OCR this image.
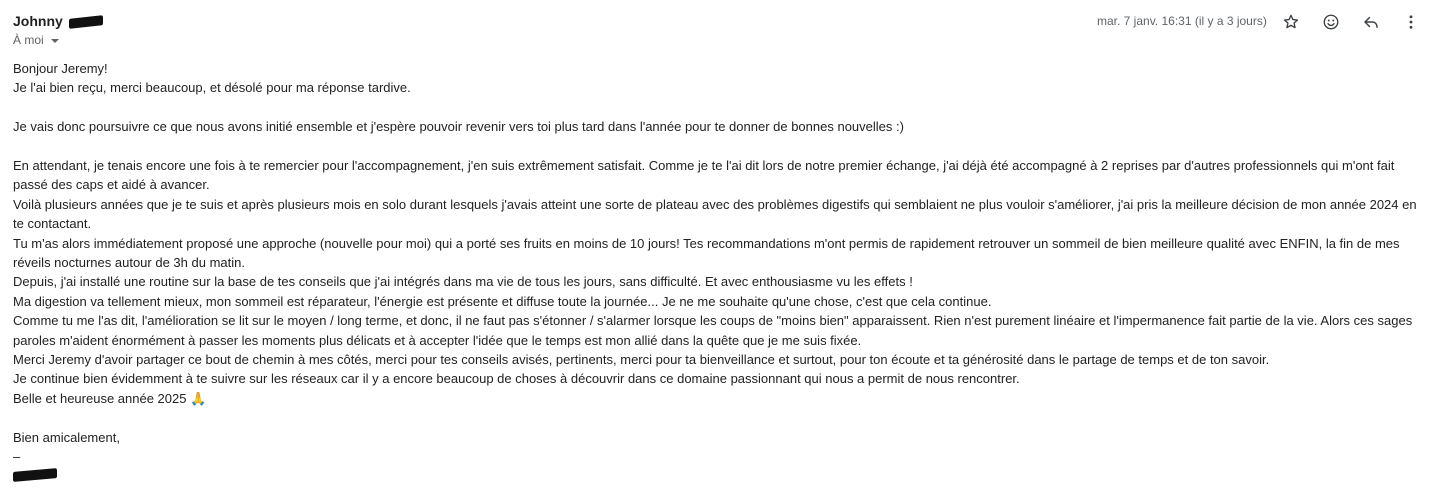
Johnny
À moi
mar. 7 janv. 16:31 (il y a 3 jours)

Bonjour Jeremy!

Je l'ai bien reçu, merci beaucoup, et désolé pour ma réponse tardive.

Je vais donc poursuivre ce que nous avons initié ensemble et j'espère pouvoir revenir vers toi plus tard dans l'année pour te donner de bonnes nouvelles :)

En attendant, je tenais encore une fois à te remercier pour l'accompagnement, j'en suis extrêmement satisfait. Comme je te l'ai dit lors de notre premier échange, j'ai déjà été accompagné à 2 reprises par d'autres professionnels qui m'ont fait passé des caps et aidé à avancer.

Voilà plusieurs années que je te suis et après plusieurs mois en solo durant lesquels j'avais atteint une sorte de plateau avec des problèmes digestifs qui semblaient ne plus vouloir s'améliorer, j'ai pris la meilleure décision de mon année 2024 en te contactant.

Tu m'as alors immédiatement proposé une approche (nouvelle pour moi) qui a porté ses fruits en moins de 10 jours! Tes recommandations m'ont permis de rapidement retrouver un sommeil de bien meilleure qualité avec ENFIN, la fin de mes réveils nocturnes autour de 3h du matin.

Depuis, j'ai installé une routine sur la base de tes conseils que j'ai intégrés dans ma vie de tous les jours, sans difficulté. Et avec enthousiasme vu les effets !

Ma digestion va tellement mieux, mon sommeil est réparateur, l'énergie est présente et diffuse toute la journée... Je ne me souhaite qu'une chose, c'est que cela continue.

Comme tu me l'as dit, l'amélioration se lit sur le moyen / long terme, et donc, il ne faut pas s'étonner / s'alarmer lorsque les coups de "moins bien" apparaissent. Rien n'est purement linéaire et l'impermanence fait partie de la vie. Alors ces sages paroles m'aident énormément à passer les moments plus délicats et à accepter l'idée que le temps est mon allié dans la quête que je me suis fixée.

Merci Jeremy d'avoir partager ce bout de chemin à mes côtés, merci pour tes conseils avisés, pertinents, merci pour ta bienveillance et surtout, pour ton écoute et ta générosité dans le partage de temps et de ton savoir.

Je continue bien évidemment à te suivre sur les réseaux car il y a encore beaucoup de choses à découvrir dans ce domaine passionnant qui nous a permit de nous rencontrer.

Belle et heureuse année 2025 🙏

Bien amicalement,

–
